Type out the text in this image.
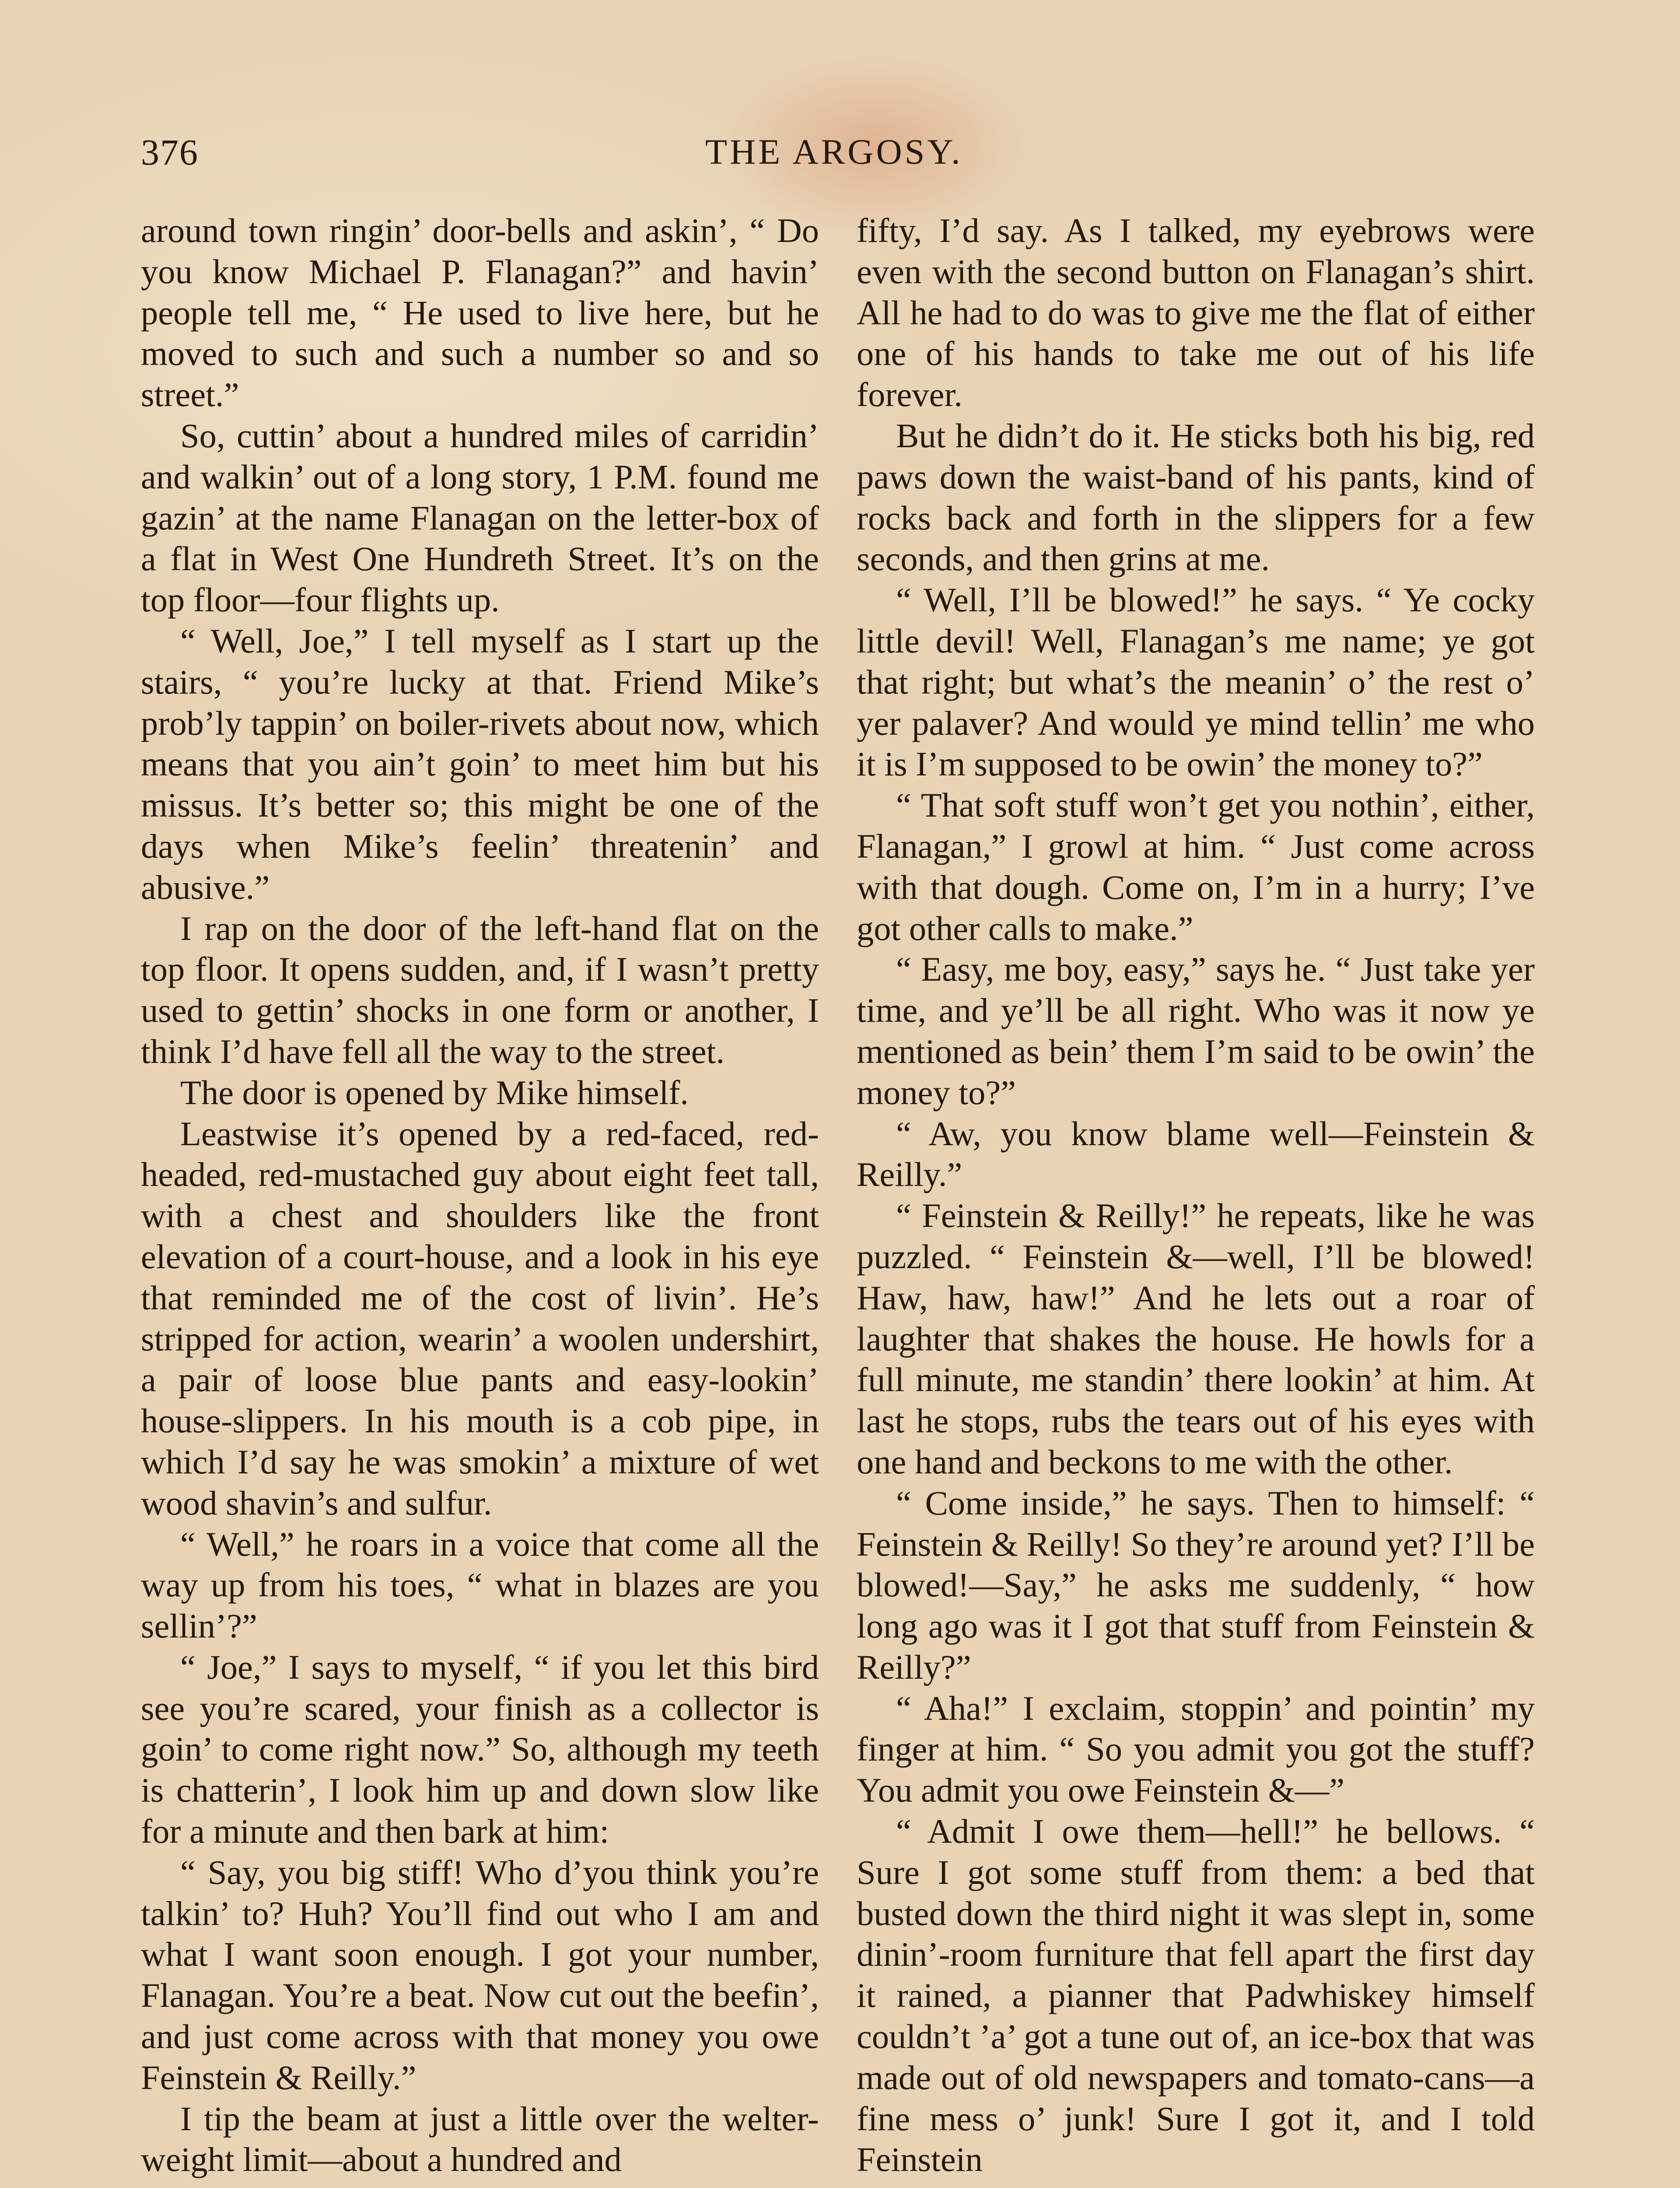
376	THE ARGOSY.

around town ringin’ door-bells and askin’, “ Do you know Michael P. Flanagan?” and havin’ people tell me, “ He used to live here, but he moved to such and such a number so and so street.”

So, cuttin’ about a hundred miles of carridin’ and walkin’ out of a long story, 1 P.M. found me gazin’ at the name Flanagan on the letter-box of a flat in West One Hundreth Street. It’s on the top floor—four flights up.

“ Well, Joe,” I tell myself as I start up the stairs, “ you’re lucky at that. Friend Mike’s prob’ly tappin’ on boiler-rivets about now, which means that you ain’t goin’ to meet him but his missus. It’s better so; this might be one of the days when Mike’s feelin’ threatenin’ and abusive.”

I rap on the door of the left-hand flat on the top floor. It opens sudden, and, if I wasn’t pretty used to gettin’ shocks in one form or another, I think I’d have fell all the way to the street.

The door is opened by Mike himself.

Leastwise it’s opened by a red-faced, redheaded, red-mustached guy about eight feet tall, with a chest and shoulders like the front elevation of a court-house, and a look in his eye that reminded me of the cost of livin’. He’s stripped for action, wearin’ a woolen undershirt, a pair of loose blue pants and easy-lookin’ house-slippers. In his mouth is a cob pipe, in which I’d say he was smokin’ a mixture of wet wood shavin’s and sulfur.

“ Well,” he roars in a voice that come all the way up from his toes, “ what in blazes are you sellin’?”

“ Joe,” I says to myself, “ if you let this bird see you’re scared, your finish as a collector is goin’ to come right now.” So, although my teeth is chatterin’, I look him up and down slow like for a minute and then bark at him:

“ Say, you big stiff! Who d’you think you’re talkin’ to? Huh? You’ll find out who I am and what I want soon enough. I got your number, Flanagan. You’re a beat. Now cut out the beefin’, and just come across with that money you owe Feinstein & Reilly.”

I tip the beam at just a little over the welter-weight limit—about a hundred and

fifty, I’d say. As I talked, my eyebrows were even with the second button on Flanagan’s shirt. All he had to do was to give me the flat of either one of his hands to take me out of his life forever.

But he didn’t do it. He sticks both his big, red paws down the waist-band of his pants, kind of rocks back and forth in the slippers for a few seconds, and then grins at me.

“ Well, I’ll be blowed!” he says. “ Ye cocky little devil! Well, Flanagan’s me name; ye got that right; but what’s the meanin’ o’ the rest o’ yer palaver? And would ye mind tellin’ me who it is I’m supposed to be owin’ the money to?”

“ That soft stuff won’t get you nothin’, either, Flanagan,” I growl at him. “ Just come across with that dough. Come on, I’m in a hurry; I’ve got other calls to make.”

“ Easy, me boy, easy,” says he. “ Just take yer time, and ye’ll be all right. Who was it now ye mentioned as bein’ them I’m said to be owin’ the money to?”

“ Aw, you know blame well—Feinstein & Reilly.”

“ Feinstein & Reilly!” he repeats, like he was puzzled. “ Feinstein &—well, I’ll be blowed! Haw, haw, haw!” And he lets out a roar of laughter that shakes the house. He howls for a full minute, me standin’ there lookin’ at him. At last he stops, rubs the tears out of his eyes with one hand and beckons to me with the other.

“ Come inside,” he says. Then to himself: “ Feinstein & Reilly! So they’re around yet? I’ll be blowed!—Say,” he asks me suddenly, “ how long ago was it I got that stuff from Feinstein & Reilly?”

“ Aha!” I exclaim, stoppin’ and pointin’ my finger at him. “ So you admit you got the stuff? You admit you owe Feinstein &—”

“ Admit I owe them—hell!” he bellows. “ Sure I got some stuff from them: a bed that busted down the third night it was slept in, some dinin’-room furniture that fell apart the first day it rained, a pianner that Padwhiskey himself couldn’t ’a’ got a tune out of, an ice-box that was made out of old newspapers and tomato-cans—a fine mess o’ junk! Sure I got it, and I told Feinstein
